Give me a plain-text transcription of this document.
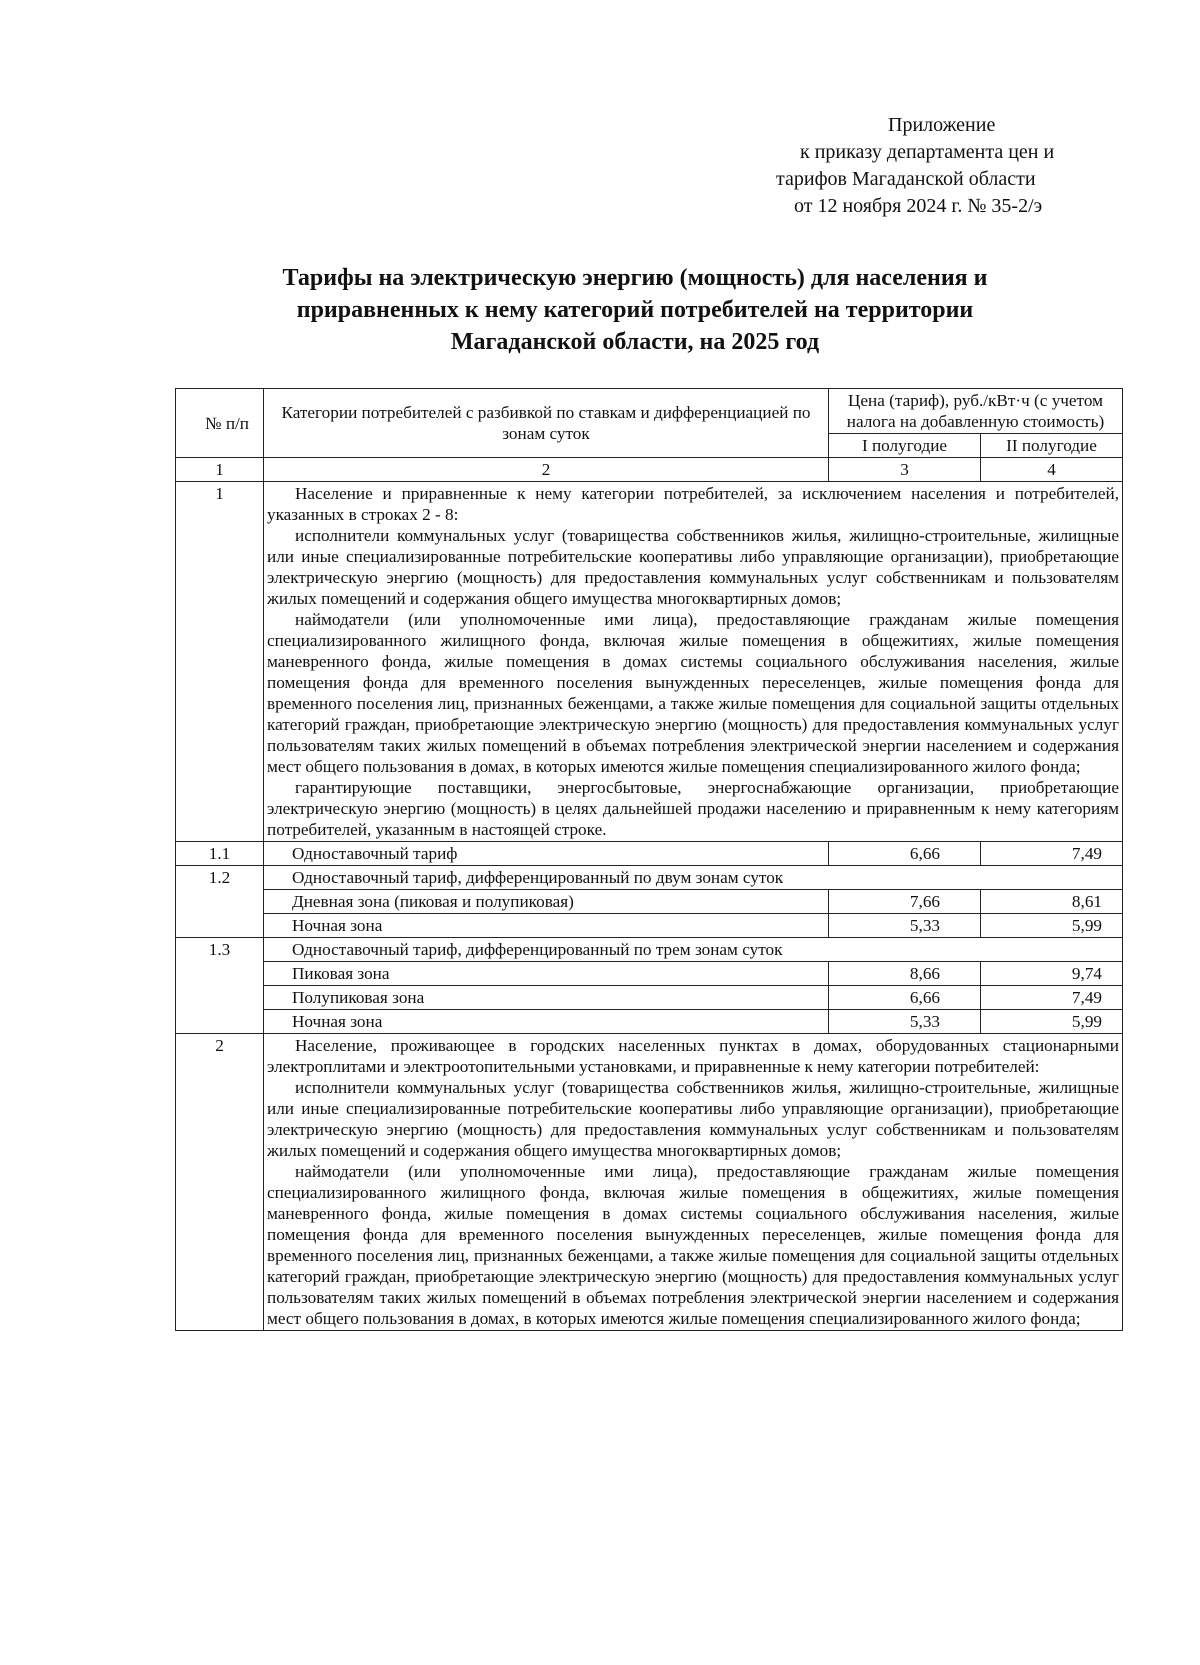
Приложение
к приказу департамента цен и
тарифов Магаданской области
от 12 ноября 2024 г. № 35-2/э
Тарифы на электрическую энергию (мощность) для населения и
приравненных к нему категорий потребителей на территории
Магаданской области, на 2025 год
№ п/п	Категории потребителей с разбивкой по ставкам и дифференциацией по зонам суток	Цена (тариф), руб./кВт·ч (с учетом налога на добавленную стоимость)	
		I полугодие	II полугодие
1	2	3	4
1	Население и приравненные к нему категории потребителей, за исключением населения и потребителей, указанных в строках 2 - 8:

исполнители коммунальных услуг (товарищества собственников жилья, жилищно-строительные, жилищные или иные специализированные потребительские кооперативы либо управляющие организации), приобретающие электрическую энергию (мощность) для предоставления коммунальных услуг собственникам и пользователям жилых помещений и содержания общего имущества многоквартирных домов;

наймодатели (или уполномоченные ими лица), предоставляющие гражданам жилые помещения специализированного жилищного фонда, включая жилые помещения в общежитиях, жилые помещения маневренного фонда, жилые помещения в домах системы социального обслуживания населения, жилые помещения фонда для временного поселения вынужденных переселенцев, жилые помещения фонда для временного поселения лиц, признанных беженцами, а также жилые помещения для социальной защиты отдельных категорий граждан, приобретающие электрическую энергию (мощность) для предоставления коммунальных услуг пользователям таких жилых помещений в объемах потребления электрической энергии населением и содержания мест общего пользования в домах, в которых имеются жилые помещения специализированного жилого фонда;

гарантирующие поставщики, энергосбытовые, энергоснабжающие организации, приобретающие электрическую энергию (мощность) в целях дальнейшей продажи населению и приравненным к нему категориям потребителей, указанным в настоящей строке.		

1.1	Одноставочный тариф	6,66	7,49
1.2	Одноставочный тариф, дифференцированный по двум зонам суток		
	Дневная зона (пиковая и полупиковая)	7,66	8,61
	Ночная зона	5,33	5,99
1.3	Одноставочный тариф, дифференцированный по трем зонам суток		
	Пиковая зона	8,66	9,74
	Полупиковая зона	6,66	7,49
	Ночная зона	5,33	5,99
2	Население, проживающее в городских населенных пунктах в домах, оборудованных стационарными электроплитами и электроотопительными установками, и приравненные к нему категории потребителей:

исполнители коммунальных услуг (товарищества собственников жилья, жилищно-строительные, жилищные или иные специализированные потребительские кооперативы либо управляющие организации), приобретающие электрическую энергию (мощность) для предоставления коммунальных услуг собственникам и пользователям жилых помещений и содержания общего имущества многоквартирных домов;

наймодатели (или уполномоченные ими лица), предоставляющие гражданам жилые помещения специализированного жилищного фонда, включая жилые помещения в общежитиях, жилые помещения маневренного фонда, жилые помещения в домах системы социального обслуживания населения, жилые помещения фонда для временного поселения вынужденных переселенцев, жилые помещения фонда для временного поселения лиц, признанных беженцами, а также жилые помещения для социальной защиты отдельных категорий граждан, приобретающие электрическую энергию (мощность) для предоставления коммунальных услуг пользователям таких жилых помещений в объемах потребления электрической энергии населением и содержания мест общего пользования в домах, в которых имеются жилые помещения специализированного жилого фонда;		
